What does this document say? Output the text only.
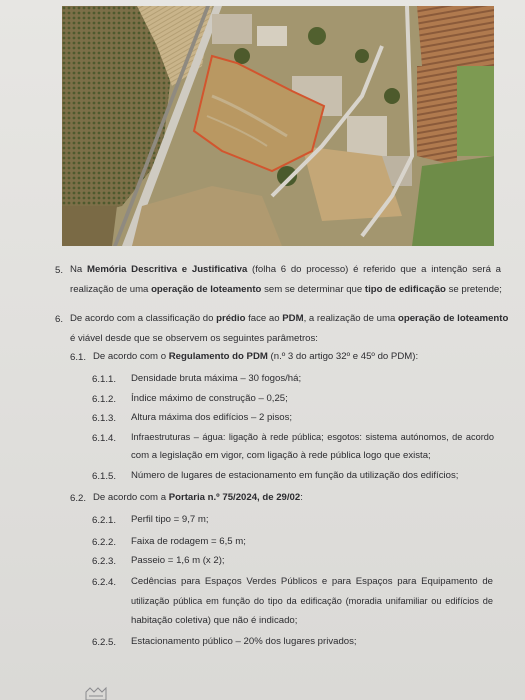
5. Na Memória Descritiva e Justificativa (folha 6 do processo) é referido que a intenção será a
realização de uma operação de loteamento sem se determinar que tipo de edificação se pretende;
6. De acordo com a classificação do prédio face ao PDM, a realização de uma operação de loteamento
é viável desde que se observem os seguintes parâmetros:
6.1. De acordo com o Regulamento do PDM (n.º 3 do artigo 32º e 45º do PDM):
6.1.1. Densidade bruta máxima – 30 fogos/há;
6.1.2. Índice máximo de construção – 0,25;
6.1.3. Altura máxima dos edifícios – 2 pisos;
6.1.4. Infraestruturas – água: ligação à rede pública; esgotos: sistema autónomos, de acordo
com a legislação em vigor, com ligação à rede pública logo que exista;
6.1.5. Número de lugares de estacionamento em função da utilização dos edifícios;
6.2. De acordo com a Portaria n.º 75/2024, de 29/02:
6.2.1. Perfil tipo = 9,7 m;
6.2.2. Faixa de rodagem = 6,5 m;
6.2.3. Passeio = 1,6 m (x 2);
6.2.4. Cedências para Espaços Verdes Públicos e para Espaços para Equipamento de
utilização pública em função do tipo da edificação (moradia unifamiliar ou edifícios de
habitação coletiva) que não é indicado;
6.2.5. Estacionamento público – 20% dos lugares privados;
